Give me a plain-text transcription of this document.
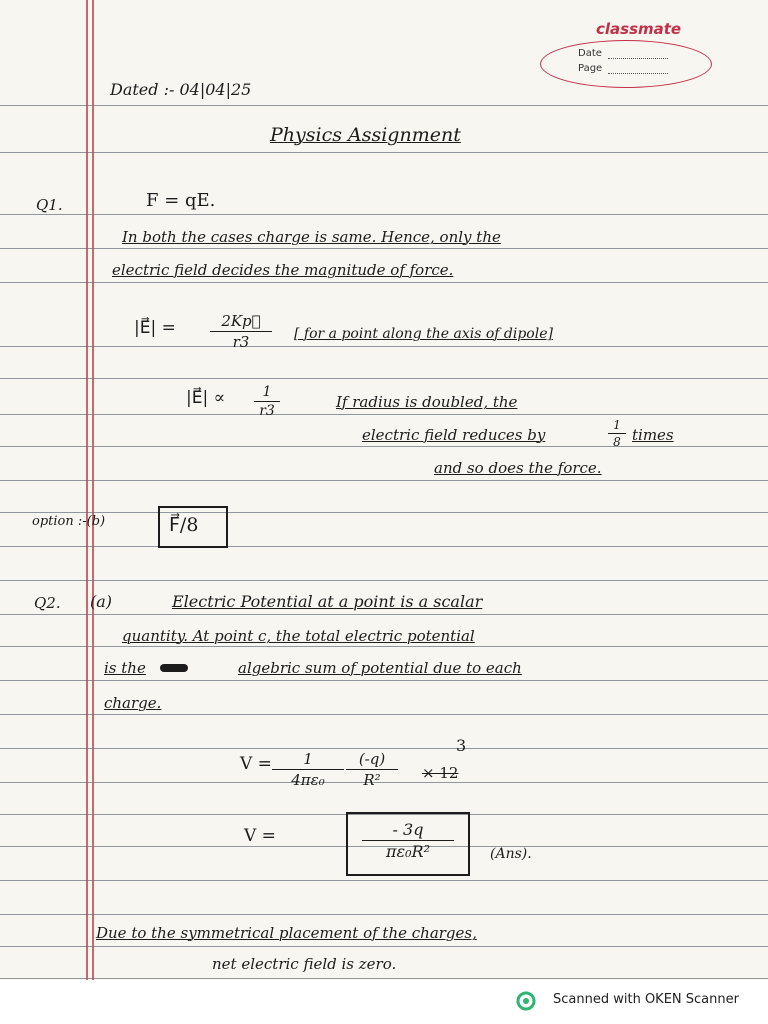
classmate
Date
Page
Dated :- 04|04|25
Physics Assignment
Q1.	F = qE.
In both the cases charge is same. Hence, only the
electric field decides the magnitude of force.
|E⃗| =	2Kp⃗
r3	[ for a point along the axis of dipole]
|E⃗| ∝	1
r3	If radius is doubled, the
electric field reduces by
1
8 times
and so does the force.
option :-(b)	F⃗/8
Q2. (a)	Electric Potential at a point is a scalar
quantity. At point c, the total electric potential
is the	algebric sum of potential due to each
charge.
V =	1
4πε₀
(-q)
R²	× 12
3
V =	- 3q
πε₀R²	(Ans).
Due to the symmetrical placement of the charges,
net electric field is zero.
Scanned with OKEN Scanner
